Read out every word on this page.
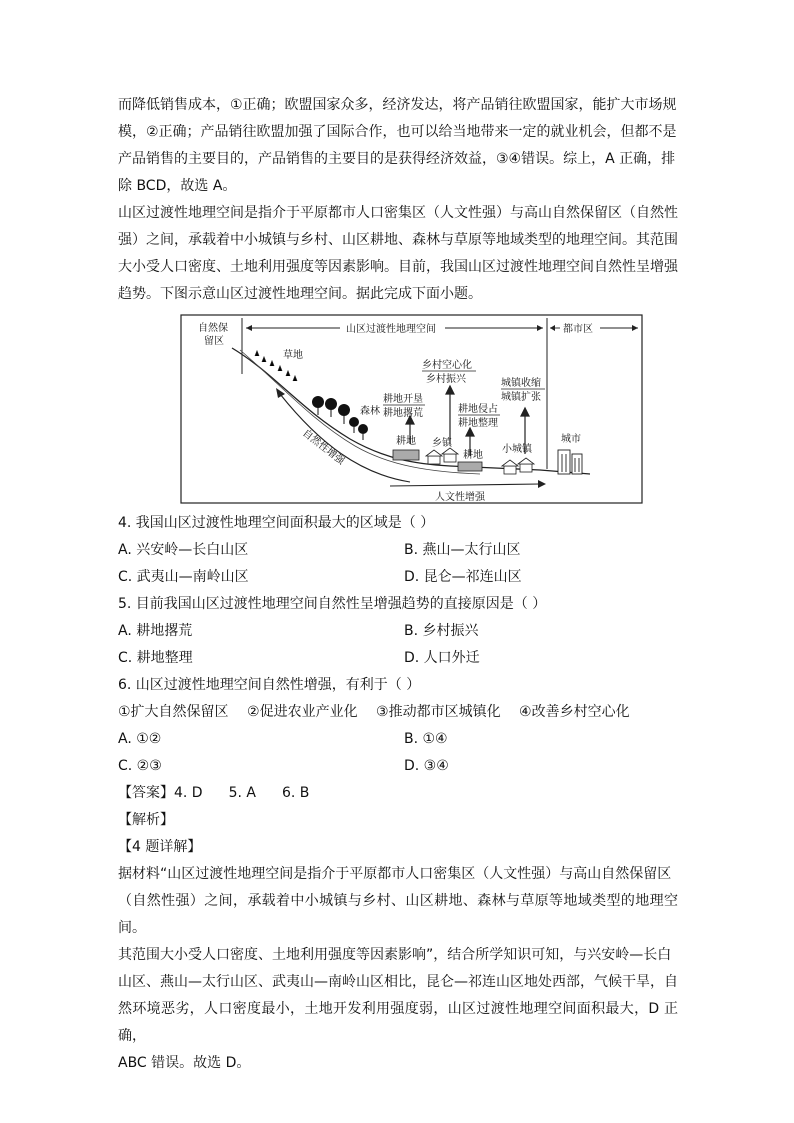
而降低销售成本，①正确；欧盟国家众多，经济发达，将产品销往欧盟国家，能扩大市场规

模，②正确；产品销往欧盟加强了国际合作，也可以给当地带来一定的就业机会，但都不是

产品销售的主要目的，产品销售的主要目的是获得经济效益，③④错误。综上，A 正确，排

除 BCD，故选 A。

山区过渡性地理空间是指介于平原都市人口密集区（人文性强）与高山自然保留区（自然性

强）之间，承载着中小城镇与乡村、山区耕地、森林与草原等地域类型的地理空间。其范围

大小受人口密度、土地利用强度等因素影响。目前，我国山区过渡性地理空间自然性呈增强

趋势。下图示意山区过渡性地理空间。据此完成下面小题。

自然保
留区
山区过渡性地理空间	都市区
草地
森林
耕地
耕地
乡镇
小城镇
城市
耕地开垦
耕地撂荒	耕地侵占
耕地整理
乡村空心化
乡村振兴	城镇收缩
城镇扩张
自然性增强
人文性增强

4. 我国山区过渡性地理空间面积最大的区域是（ ）

A. 兴安岭—长白山区	B. 燕山—太行山区
C. 武夷山—南岭山区	D. 昆仑—祁连山区

5. 目前我国山区过渡性地理空间自然性呈增强趋势的直接原因是（ ）

A. 耕地撂荒	B. 乡村振兴
C. 耕地整理	D. 人口外迁

6. 山区过渡性地理空间自然性增强，有利于（ ）

①扩大自然保留区 ②促进农业产业化 ③推动都市区城镇化 ④改善乡村空心化

A. ①②	B. ①④
C. ②③	D. ③④

【答案】4. D 5. A 6. B

【解析】

【4 题详解】

据材料“山区过渡性地理空间是指介于平原都市人口密集区（人文性强）与高山自然保留区

（自然性强）之间，承载着中小城镇与乡村、山区耕地、森林与草原等地域类型的地理空间。

其范围大小受人口密度、土地利用强度等因素影响”，结合所学知识可知，与兴安岭—长白

山区、燕山—太行山区、武夷山—南岭山区相比，昆仑—祁连山区地处西部，气候干旱，自

然环境恶劣，人口密度最小，土地开发利用强度弱，山区过渡性地理空间面积最大，D 正确，

ABC 错误。故选 D。
